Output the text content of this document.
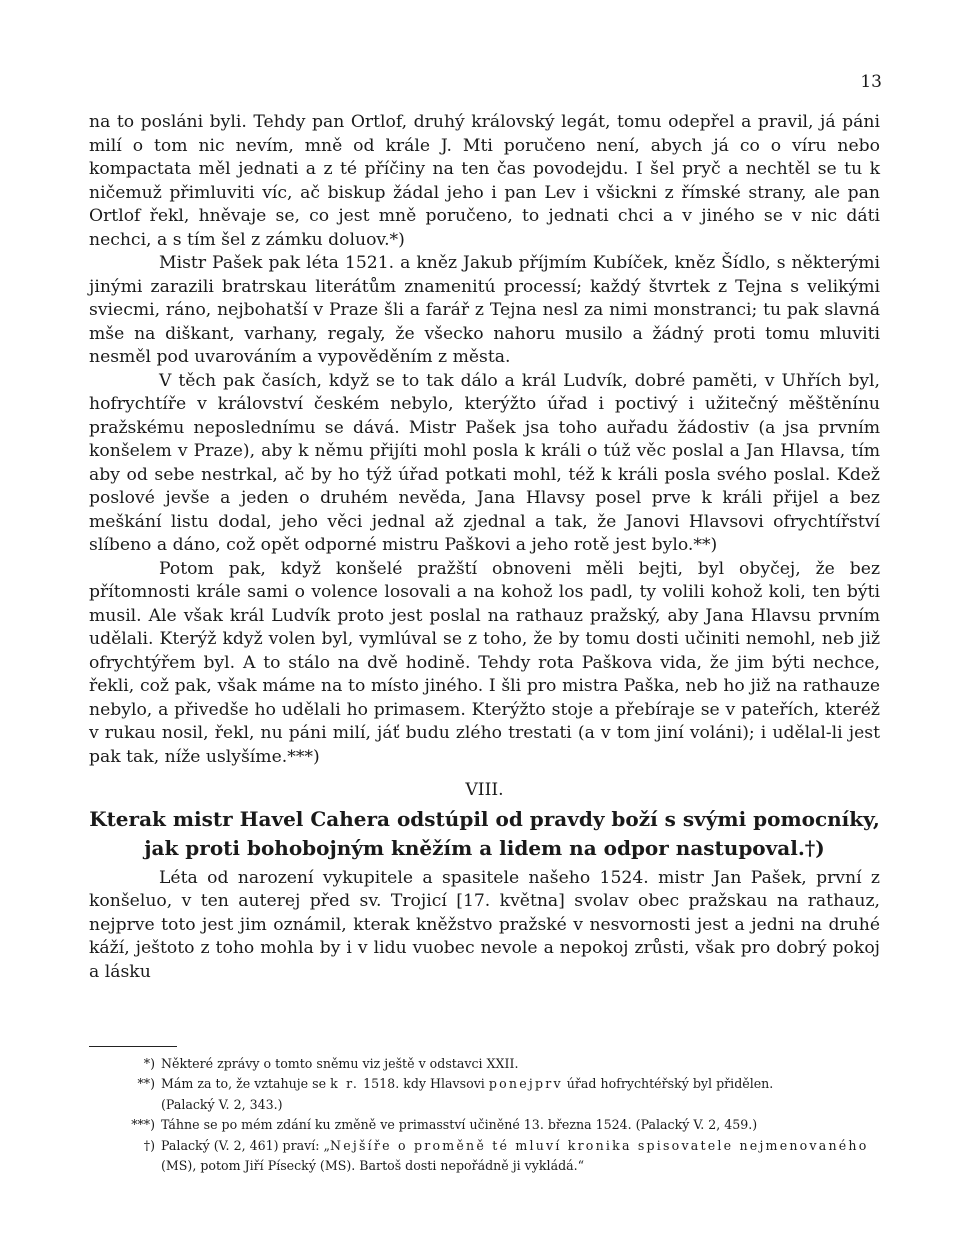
13

na to posláni byli. Tehdy pan Ortlof, druhý královský legát, tomu odepřel a pravil, já páni milí o tom nic nevím, mně od krále J. Mti poručeno není, abych já co o víru nebo kompactata měl jednati a z té příčiny na ten čas povodejdu. I šel pryč a nechtěl se tu k ničemuž přimluviti víc, ač biskup žádal jeho i pan Lev i všickni z římské strany, ale pan Ortlof řekl, hněvaje se, co jest mně poručeno, to jednati chci a v jiného se v nic dáti nechci, a s tím šel z zámku doluov.*)

Mistr Pašek pak léta 1521. a kněz Jakub příjmím Kubíček, kněz Šídlo, s některými jinými zarazili bratrskau literátům znamenitú processí; každý štvrtek z Tejna s velikými sviecmi, ráno, nejbohatší v Praze šli a farář z Tejna nesl za nimi monstranci; tu pak slavná mše na diškant, varhany, regaly, že všecko nahoru musilo a žádný proti tomu mluviti nesměl pod uvarováním a vypověděním z města.

V těch pak časích, když se to tak dálo a král Ludvík, dobré paměti, v Uhřích byl, hofrychtíře v království českém nebylo, kterýžto úřad i poctivý i užitečný měštěnínu pražskému neposlednímu se dává. Mistr Pašek jsa toho auřadu žádostiv (a jsa prvním konšelem v Praze), aby k němu přijíti mohl posla k králi o túž věc poslal a Jan Hlavsa, tím aby od sebe nestrkal, ač by ho týž úřad potkati mohl, též k králi posla svého poslal. Kdež poslové jevše a jeden o druhém nevěda, Jana Hlavsy posel prve k králi přijel a bez meškání listu dodal, jeho věci jednal až zjednal a tak, že Janovi Hlavsovi ofrychtířství slíbeno a dáno, což opět odporné mistru Paškovi a jeho rotě jest bylo.**)

Potom pak, když konšelé pražští obnoveni měli bejti, byl obyčej, že bez přítomnosti krále sami o volence losovali a na kohož los padl, ty volili kohož koli, ten býti musil. Ale však král Ludvík proto jest poslal na rathauz pražský, aby Jana Hlavsu prvním udělali. Kterýž když volen byl, vymlúval se z toho, že by tomu dosti učiniti nemohl, neb již ofrychtýřem byl. A to stálo na dvě hodině. Tehdy rota Paškova vida, že jim býti nechce, řekli, což pak, však máme na to místo jiného. I šli pro mistra Paška, neb ho již na rathauze nebylo, a přivedše ho udělali ho primasem. Kterýžto stoje a přebíraje se v pateřích, kteréž v rukau nosil, řekl, nu páni milí, jáť budu zlého trestati (a v tom jiní voláni); i udělal-li jest pak tak, níže uslyšíme.***)

VIII.
Kterak mistr Havel Cahera odstúpil od pravdy boží s svými pomocníky, jak proti bohobojným kněžím a lidem na odpor nastupoval.†)

Léta od narození vykupitele a spasitele našeho 1524. mistr Jan Pašek, první z konšeluo, v ten auterej před sv. Trojicí [17. května] svolav obec pražskau na rathauz, nejprve toto jest jim oznámil, kterak kněžstvo pražské v nesvornosti jest a jedni na druhé káží, ještoto z toho mohla by i v lidu vuobec nevole a nepokoj zrůsti, však pro dobrý pokoj a lásku

*) Některé zprávy o tomto sněmu viz ještě v odstavci XXII.
**) Mám za to, že vztahuje se k r. 1518. kdy Hlavsovi ponejprv úřad hofrychtéřský byl přidělen.
(Palacký V. 2, 343.)
***) Táhne se po mém zdání ku změně ve primasství učiněné 13. března 1524. (Palacký V. 2, 459.)
†) Palacký (V. 2, 461) praví: „Nejšíře o proměně té mluví kronika spisovatele nejmenovaného (MS), potom Jiří Písecký (MS). Bartoš dosti nepořádně ji vykládá.“
